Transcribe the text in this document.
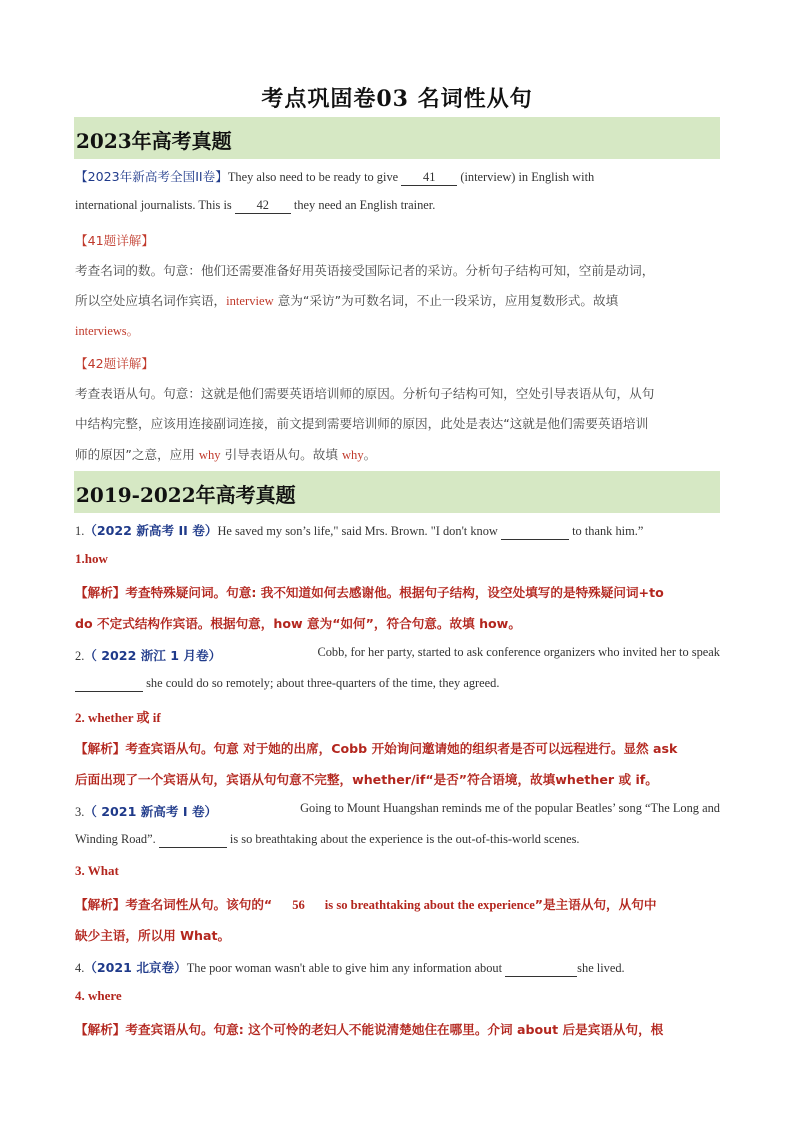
考点巩固卷03 名词性从句
2023年高考真题
【2023年新高考全国II卷】They also need to be ready to give 41 (interview) in English with
international journalists. This is 42 they need an English trainer.
【41题详解】
考查名词的数。句意：他们还需要准备好用英语接受国际记者的采访。分析句子结构可知，空前是动词，
所以空处应填名词作宾语，interview 意为“采访”为可数名词，不止一段采访，应用复数形式。故填
interviews。
【42题详解】
考查表语从句。句意：这就是他们需要英语培训师的原因。分析句子结构可知，空处引导表语从句，从句
中结构完整，应该用连接副词连接，前文提到需要培训师的原因，此处是表达“这就是他们需要英语培训
师的原因”之意，应用 why 引导表语从句。故填 why。
2019-2022年高考真题
1.（2022 新高考 II 卷）He saved my son’s life," said Mrs. Brown. "I don't know	to thank him.”
1.how
【解析】考查特殊疑问词。句意: 我不知道如何去感谢他。根据句子结构，设空处填写的是特殊疑问词+to
do 不定式结构作宾语。根据句意，how 意为“如何”，符合句意。故填 how。
2.（ 2022 浙江 1 月卷）	Cobb, for her party, started to ask conference organizers who invited her to speak
she could do so remotely; about three-quarters of the time, they agreed.
2. whether 或 if
【解析】考查宾语从句。句意 对于她的出席，Cobb 开始询问邀请她的组织者是否可以远程进行。显然 ask
后面出现了一个宾语从句，宾语从句句意不完整，whether/if“是否”符合语境，故填whether 或 if。
3.（ 2021 新高考 I 卷）	Going to Mount Huangshan reminds me of the popular Beatles’ song “The Long and
Winding Road”.	is so breathtaking about the experience is the out-of-this-world scenes.
3. What
【解析】考查名词性从句。该句的“ 56 is so breathtaking about the experience”是主语从句，从句中
缺少主语，所以用 What。
4.（2021 北京卷）The poor woman wasn't able to give him any information about	she lived.
4. where
【解析】考查宾语从句。句意: 这个可怜的老妇人不能说清楚她住在哪里。介词 about 后是宾语从句，根
